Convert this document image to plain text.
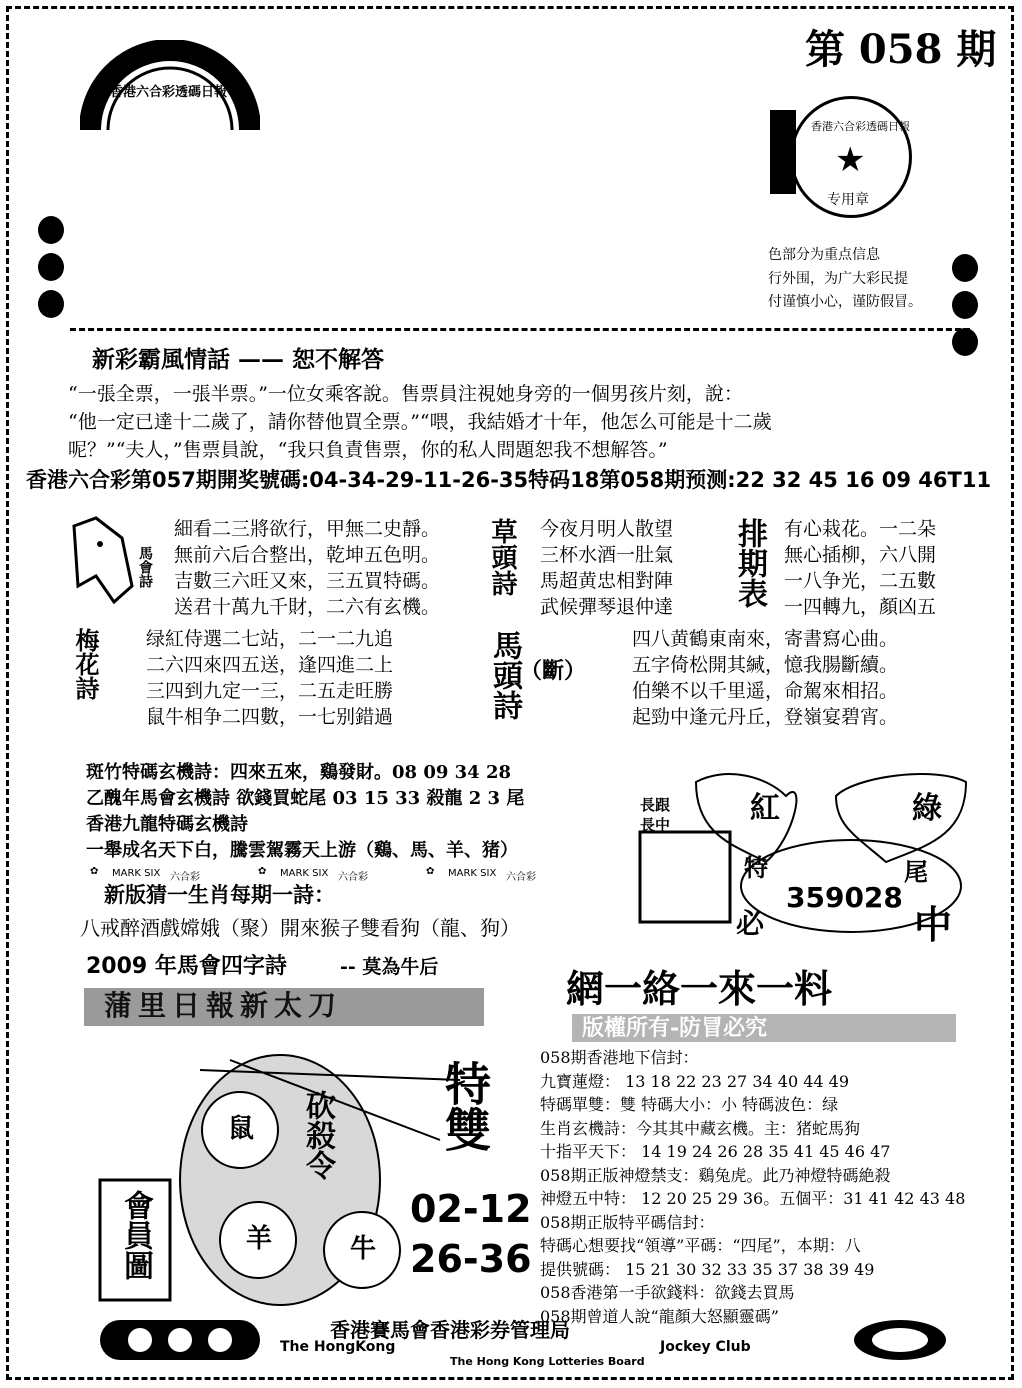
香港六合彩透碼日報
第 058 期
香港六合彩透碼日報
★
专用章
色部分为重点信息
行外围，为广大彩民提
付谨慎小心，谨防假冒。
新彩霸風情話 —— 恕不解答
“一張全票，一張半票。”一位女乘客說。售票員注視她身旁的一個男孩片刻，說：
“他一定已達十二歲了，請你替他買全票。”“喂，我結婚才十年，他怎么可能是十二歲
呢？”“夫人，”售票員說，“我只負責售票，你的私人問題恕我不想解答。”
香港六合彩第057期開奖號碼:04-34-29-11-26-35特码18第058期预测:22 32 45 16 09 46T11
馬會詩
細看二三將欲行，甲無二史靜。
無前六后合整出，乾坤五色明。
吉數三六旺又來，三五買特碼。
送君十萬九千財，二六有玄機。
草頭詩 今夜月明人散望
三杯水酒一肚氣
馬超黄忠相對陣
武候彈琴退仲達 排期表 有心栽花。一二朵
無心插柳，六八開
一八争光，二五數
一四轉九，顏凶五
梅花詩 绿紅侍選二七站，二一二九追
二六四來四五送，逢四進二上
三四到九定一三，二五走旺勝
鼠牛相争二四數，一七别錯過	馬頭詩
（斷）
四八黄鶴東南來，寄書寫心曲。
五字倚松開其緘，憶我腸斷續。
伯樂不以千里遥，命駕來相招。
起勁中逢元丹丘，登嶺宴碧宵。
斑竹特碼玄機詩：四來五來，鷄發財。08 09 34 28
乙醜年馬會玄機詩 欲錢買蛇尾 03 15 33 殺龍 2 3 尾
香港九龍特碼玄機詩
一舉成名天下白，騰雲駕霧天上游（鷄、馬、羊、猪）
✿ MARK SIX 六合彩
✿ MARK SIX 六合彩
✿ MARK SIX 六合彩
新版猜一生肖每期一詩：
八戒醉酒戲嫦娥（聚）開來猴子雙看狗（龍、狗）
2009 年馬會四字詩	-- 莫為牛后
蒲里日報新太刀
長跟
長中	紅	綠
特	尾
359028
必	中
網一絡一來一料
版權所有-防冒必究
058期香港地下信封：
九寶蓮燈： 13 18 22 23 27 34 40 44 49
特碼單雙：雙 特碼大小：小 特碼波色：绿
生肖玄機詩：今其其中藏玄機。主：猪蛇馬狗
十指平天下： 14 19 24 26 28 35 41 45 46 47
058期正版神燈禁支：鷄兔虎。此乃神燈特碼絶殺
神燈五中特： 12 20 25 29 36。五個平：31 41 42 43 48
058期正版特平碼信封：
特碼心想要找“領導”平碼：“四尾”，本期：八
提供號碼： 15 21 30 32 33 35 37 38 39 49
058香港第一手欲錢料：欲錢去買馬
058期曾道人說“龍顏大怒顯靈碼”
砍殺令
鼠
羊	牛
特雙
02-12
26-36
會員圖
香港賽馬會香港彩券管理局
The HongKong	Jockey Club
The Hong Kong Lotteries Board
